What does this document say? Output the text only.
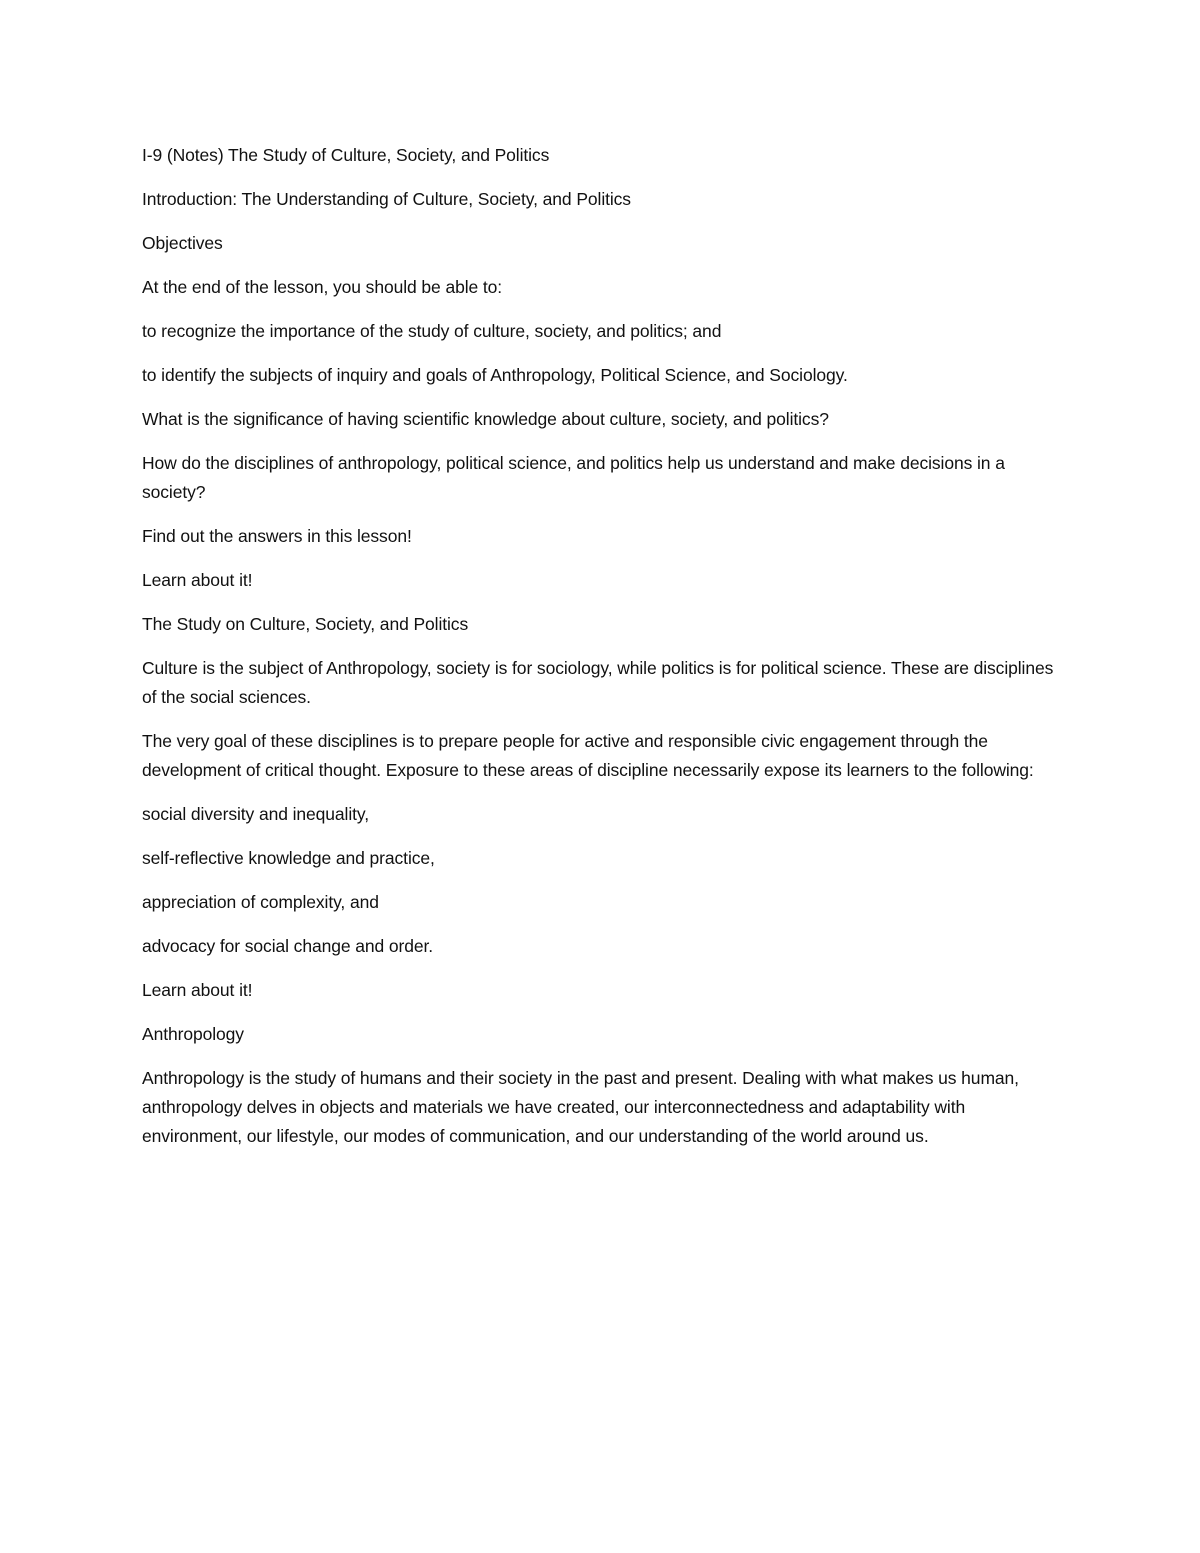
I-9 (Notes) The Study of Culture, Society, and Politics

Introduction: The Understanding of Culture, Society, and Politics

Objectives

At the end of the lesson, you should be able to:

to recognize the importance of the study of culture, society, and politics; and

to identify the subjects of inquiry and goals of Anthropology, Political Science, and Sociology.

What is the significance of having scientific knowledge about culture, society, and politics?

How do the disciplines of anthropology, political science, and politics help us understand and make decisions in a society?

Find out the answers in this lesson!

Learn about it!

The Study on Culture, Society, and Politics

Culture is the subject of Anthropology, society is for sociology, while politics is for political science. These are disciplines of the social sciences.

The very goal of these disciplines is to prepare people for active and responsible civic engagement through the development of critical thought. Exposure to these areas of discipline necessarily expose its learners to the following:

social diversity and inequality,

self-reflective knowledge and practice,

appreciation of complexity, and

advocacy for social change and order.

Learn about it!

Anthropology

Anthropology is the study of humans and their society in the past and present. Dealing with what makes us human, anthropology delves in objects and materials we have created, our interconnectedness and adaptability with environment, our lifestyle, our modes of communication, and our understanding of the world around us.
